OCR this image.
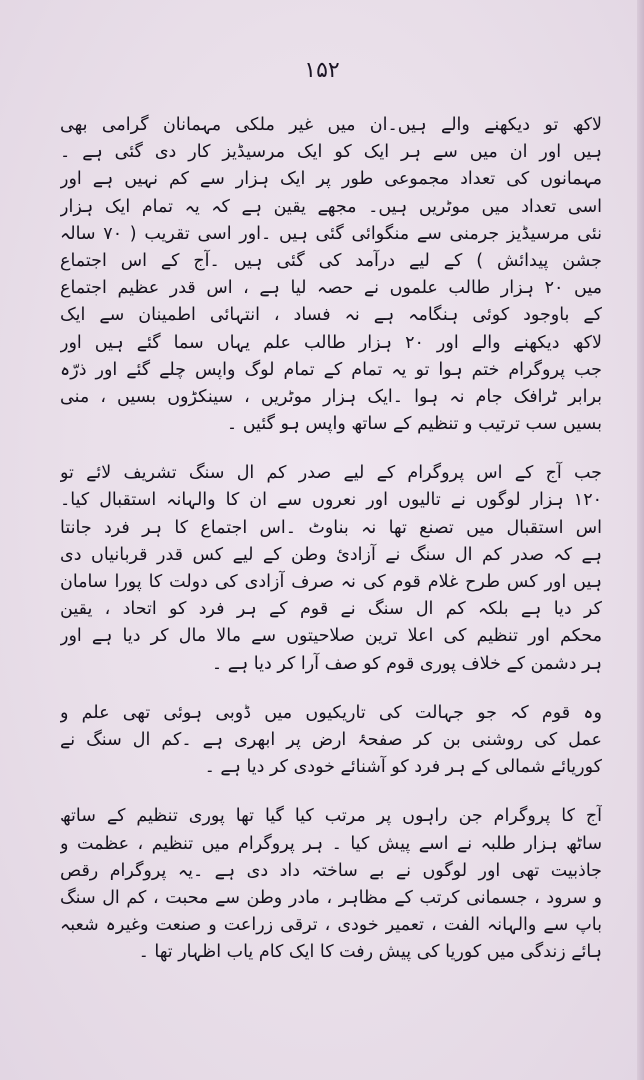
۱۵۲

لاکھ تو دیکھنے والے ہیں۔ان میں غیر ملکی مہمانان گرامی بھی
ہیں اور ان میں سے ہر ایک کو ایک مرسیڈیز کار دی گئی ہے ۔
مہمانوں کی تعداد مجموعی طور پر ایک ہزار سے کم نہیں ہے اور
اسی تعداد میں موٹریں ہیں۔ مجھے یقین ہے کہ یہ تمام ایک ہزار
نئی مرسیڈیز جرمنی سے منگوائی گئی ہیں ۔اور اسی تقریب ( ۷۰ سالہ
جشن پیدائش ) کے لیے درآمد کی گئی ہیں ۔آج کے اس اجتماع
میں ۲۰ ہزار طالب علموں نے حصہ لیا ہے ، اس قدر عظیم اجتماع
کے باوجود کوئی ہنگامہ ہے نہ فساد ، انتہائی اطمینان سے ایک
لاکھ دیکھنے والے اور ۲۰ ہزار طالب علم یہاں سما گئے ہیں اور
جب پروگرام ختم ہوا تو یہ تمام کے تمام لوگ واپس چلے گئے اور ذرّہ
برابر ٹرافک جام نہ ہوا ۔ایک ہزار موٹریں ، سینکڑوں بسیں ، منی
بسیں سب ترتیب و تنظیم کے ساتھ واپس ہو گئیں ۔
جب آج کے اس پروگرام کے لیے صدر کم ال سنگ تشریف لائے تو
۱۲۰ ہزار لوگوں نے تالیوں اور نعروں سے ان کا والہانہ استقبال کیا۔
اس استقبال میں تصنع تھا نہ بناوٹ ۔اس اجتماع کا ہر فرد جانتا
ہے کہ صدر کم ال سنگ نے آزادیٔ وطن کے لیے کس قدر قربانیاں دی
ہیں اور کس طرح غلام قوم کی نہ صرف آزادی کی دولت کا پورا سامان
کر دیا ہے بلکہ کم ال سنگ نے قوم کے ہر فرد کو اتحاد ، یقین
محکم اور تنظیم کی اعلا ترین صلاحیتوں سے مالا مال کر دیا ہے اور
ہر دشمن کے خلاف پوری قوم کو صف آرا کر دیا ہے ۔
وہ قوم کہ جو جہالت کی تاریکیوں میں ڈوبی ہوئی تھی علم و
عمل کی روشنی بن کر صفحۂ ارض پر ابھری ہے ۔کم ال سنگ نے
کوریائے شمالی کے ہر فرد کو آشنائے خودی کر دیا ہے ۔
آج کا پروگرام جن راہوں پر مرتب کیا گیا تھا پوری تنظیم کے ساتھ
ساٹھ ہزار طلبہ نے اسے پیش کیا ۔ ہر پروگرام میں تنظیم ، عظمت و
جاذبیت تھی اور لوگوں نے بے ساختہ داد دی ہے ۔یہ پروگرام رقص
و سرود ، جسمانی کرتب کے مظاہر ، مادر وطن سے محبت ، کم ال سنگ
باپ سے والہانہ الفت ، تعمیر خودی ، ترقی زراعت و صنعت وغیرہ شعبہ
ہائے زندگی میں کوریا کی پیش رفت کا ایک کام یاب اظہار تھا ۔
